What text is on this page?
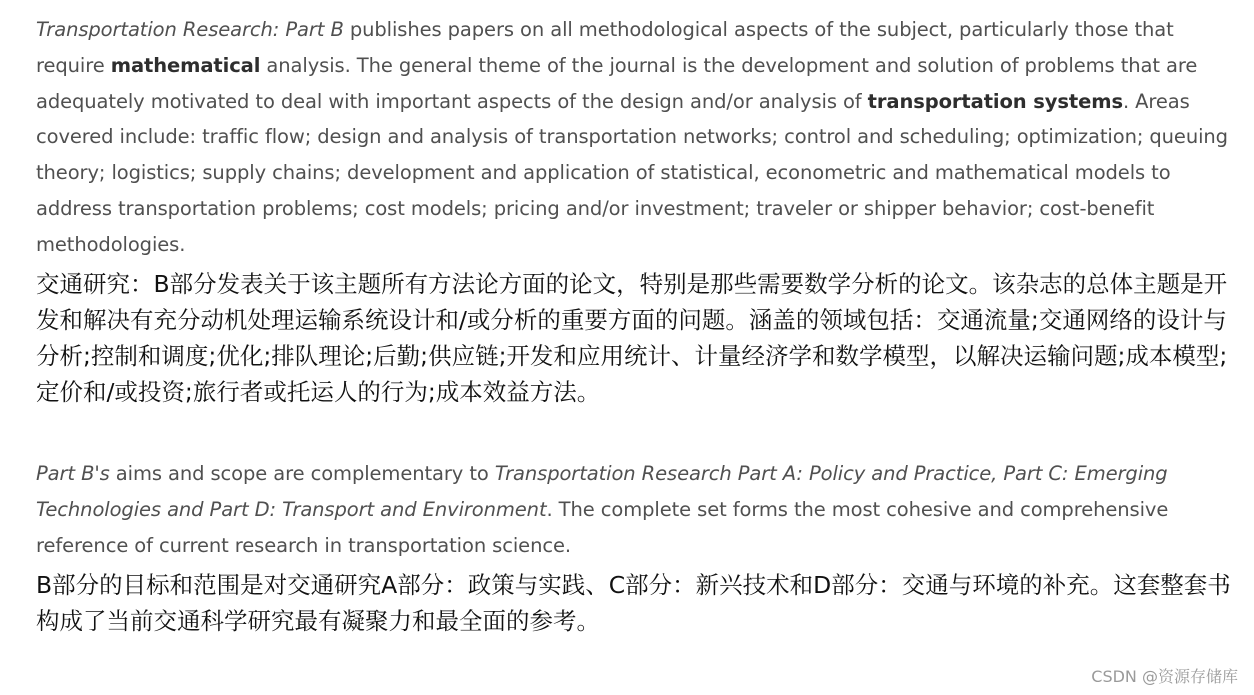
Transportation Research: Part B publishes papers on all methodological aspects of the subject, particularly those that require mathematical analysis. The general theme of the journal is the development and solution of problems that are adequately motivated to deal with important aspects of the design and/or analysis of transportation systems. Areas covered include: traffic flow; design and analysis of transportation networks; control and scheduling; optimization; queuing theory; logistics; supply chains; development and application of statistical, econometric and mathematical models to address transportation problems; cost models; pricing and/or investment; traveler or shipper behavior; cost-benefit methodologies.

交通研究：B部分发表关于该主题所有方法论方面的论文，特别是那些需要数学分析的论文。该杂志的总体主题是开发和解决有充分动机处理运输系统设计和/或分析的重要方面的问题。涵盖的领域包括：交通流量;交通网络的设计与分析;控制和调度;优化;排队理论;后勤;供应链;开发和应用统计、计量经济学和数学模型，以解决运输问题;成本模型;定价和/或投资;旅行者或托运人的行为;成本效益方法。

Part B's aims and scope are complementary to Transportation Research Part A: Policy and Practice, Part C: Emerging Technologies and Part D: Transport and Environment. The complete set forms the most cohesive and comprehensive reference of current research in transportation science.

B部分的目标和范围是对交通研究A部分：政策与实践、C部分：新兴技术和D部分：交通与环境的补充。这套整套书构成了当前交通科学研究最有凝聚力和最全面的参考。

CSDN @资源存储库
